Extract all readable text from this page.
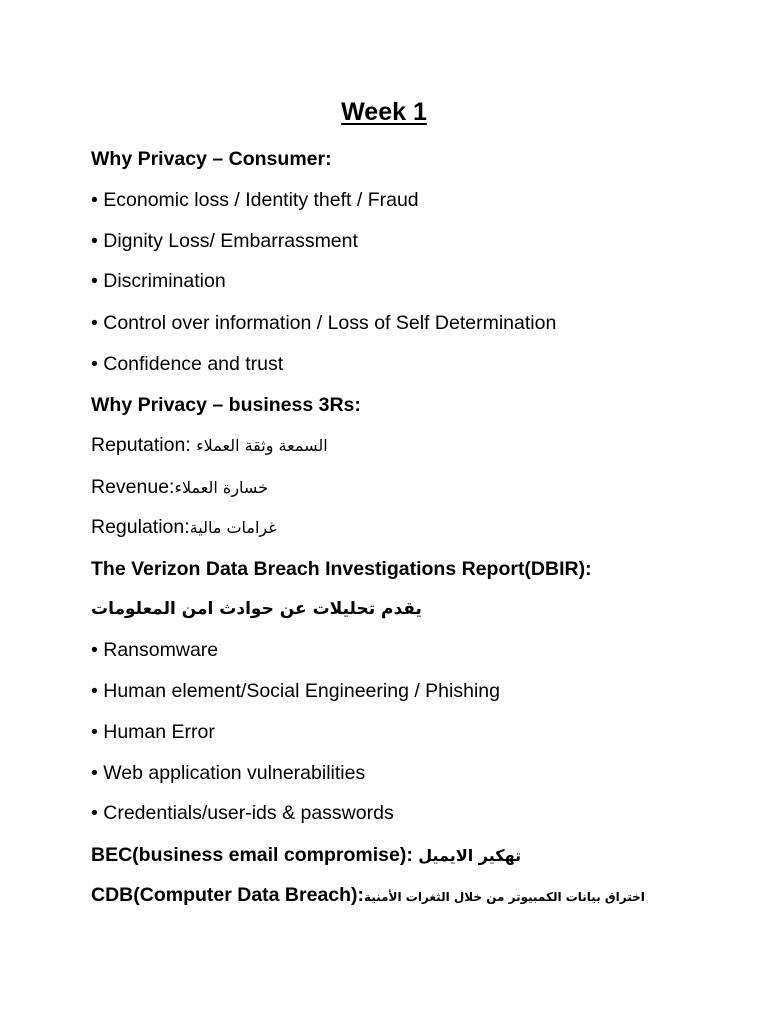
Week 1
Why Privacy – Consumer:
• Economic loss / Identity theft / Fraud
• Dignity Loss/ Embarrassment
• Discrimination
• Control over information / Loss of Self Determination
• Confidence and trust
Why Privacy – business 3Rs:
Reputation: السمعة وثقة العملاء
Revenue:خسارة العملاء
Regulation:غرامات مالية
The Verizon Data Breach Investigations Report(DBIR):
يقدم تحليلات عن حوادث امن المعلومات
• Ransomware
• Human element/Social Engineering / Phishing
• Human Error
• Web application vulnerabilities
• Credentials/user-ids & passwords
BEC(business email compromise): تهكير الايميل
CDB(Computer Data Breach):اختراق بيانات الكمبيوتر من خلال الثغرات الأمنية
